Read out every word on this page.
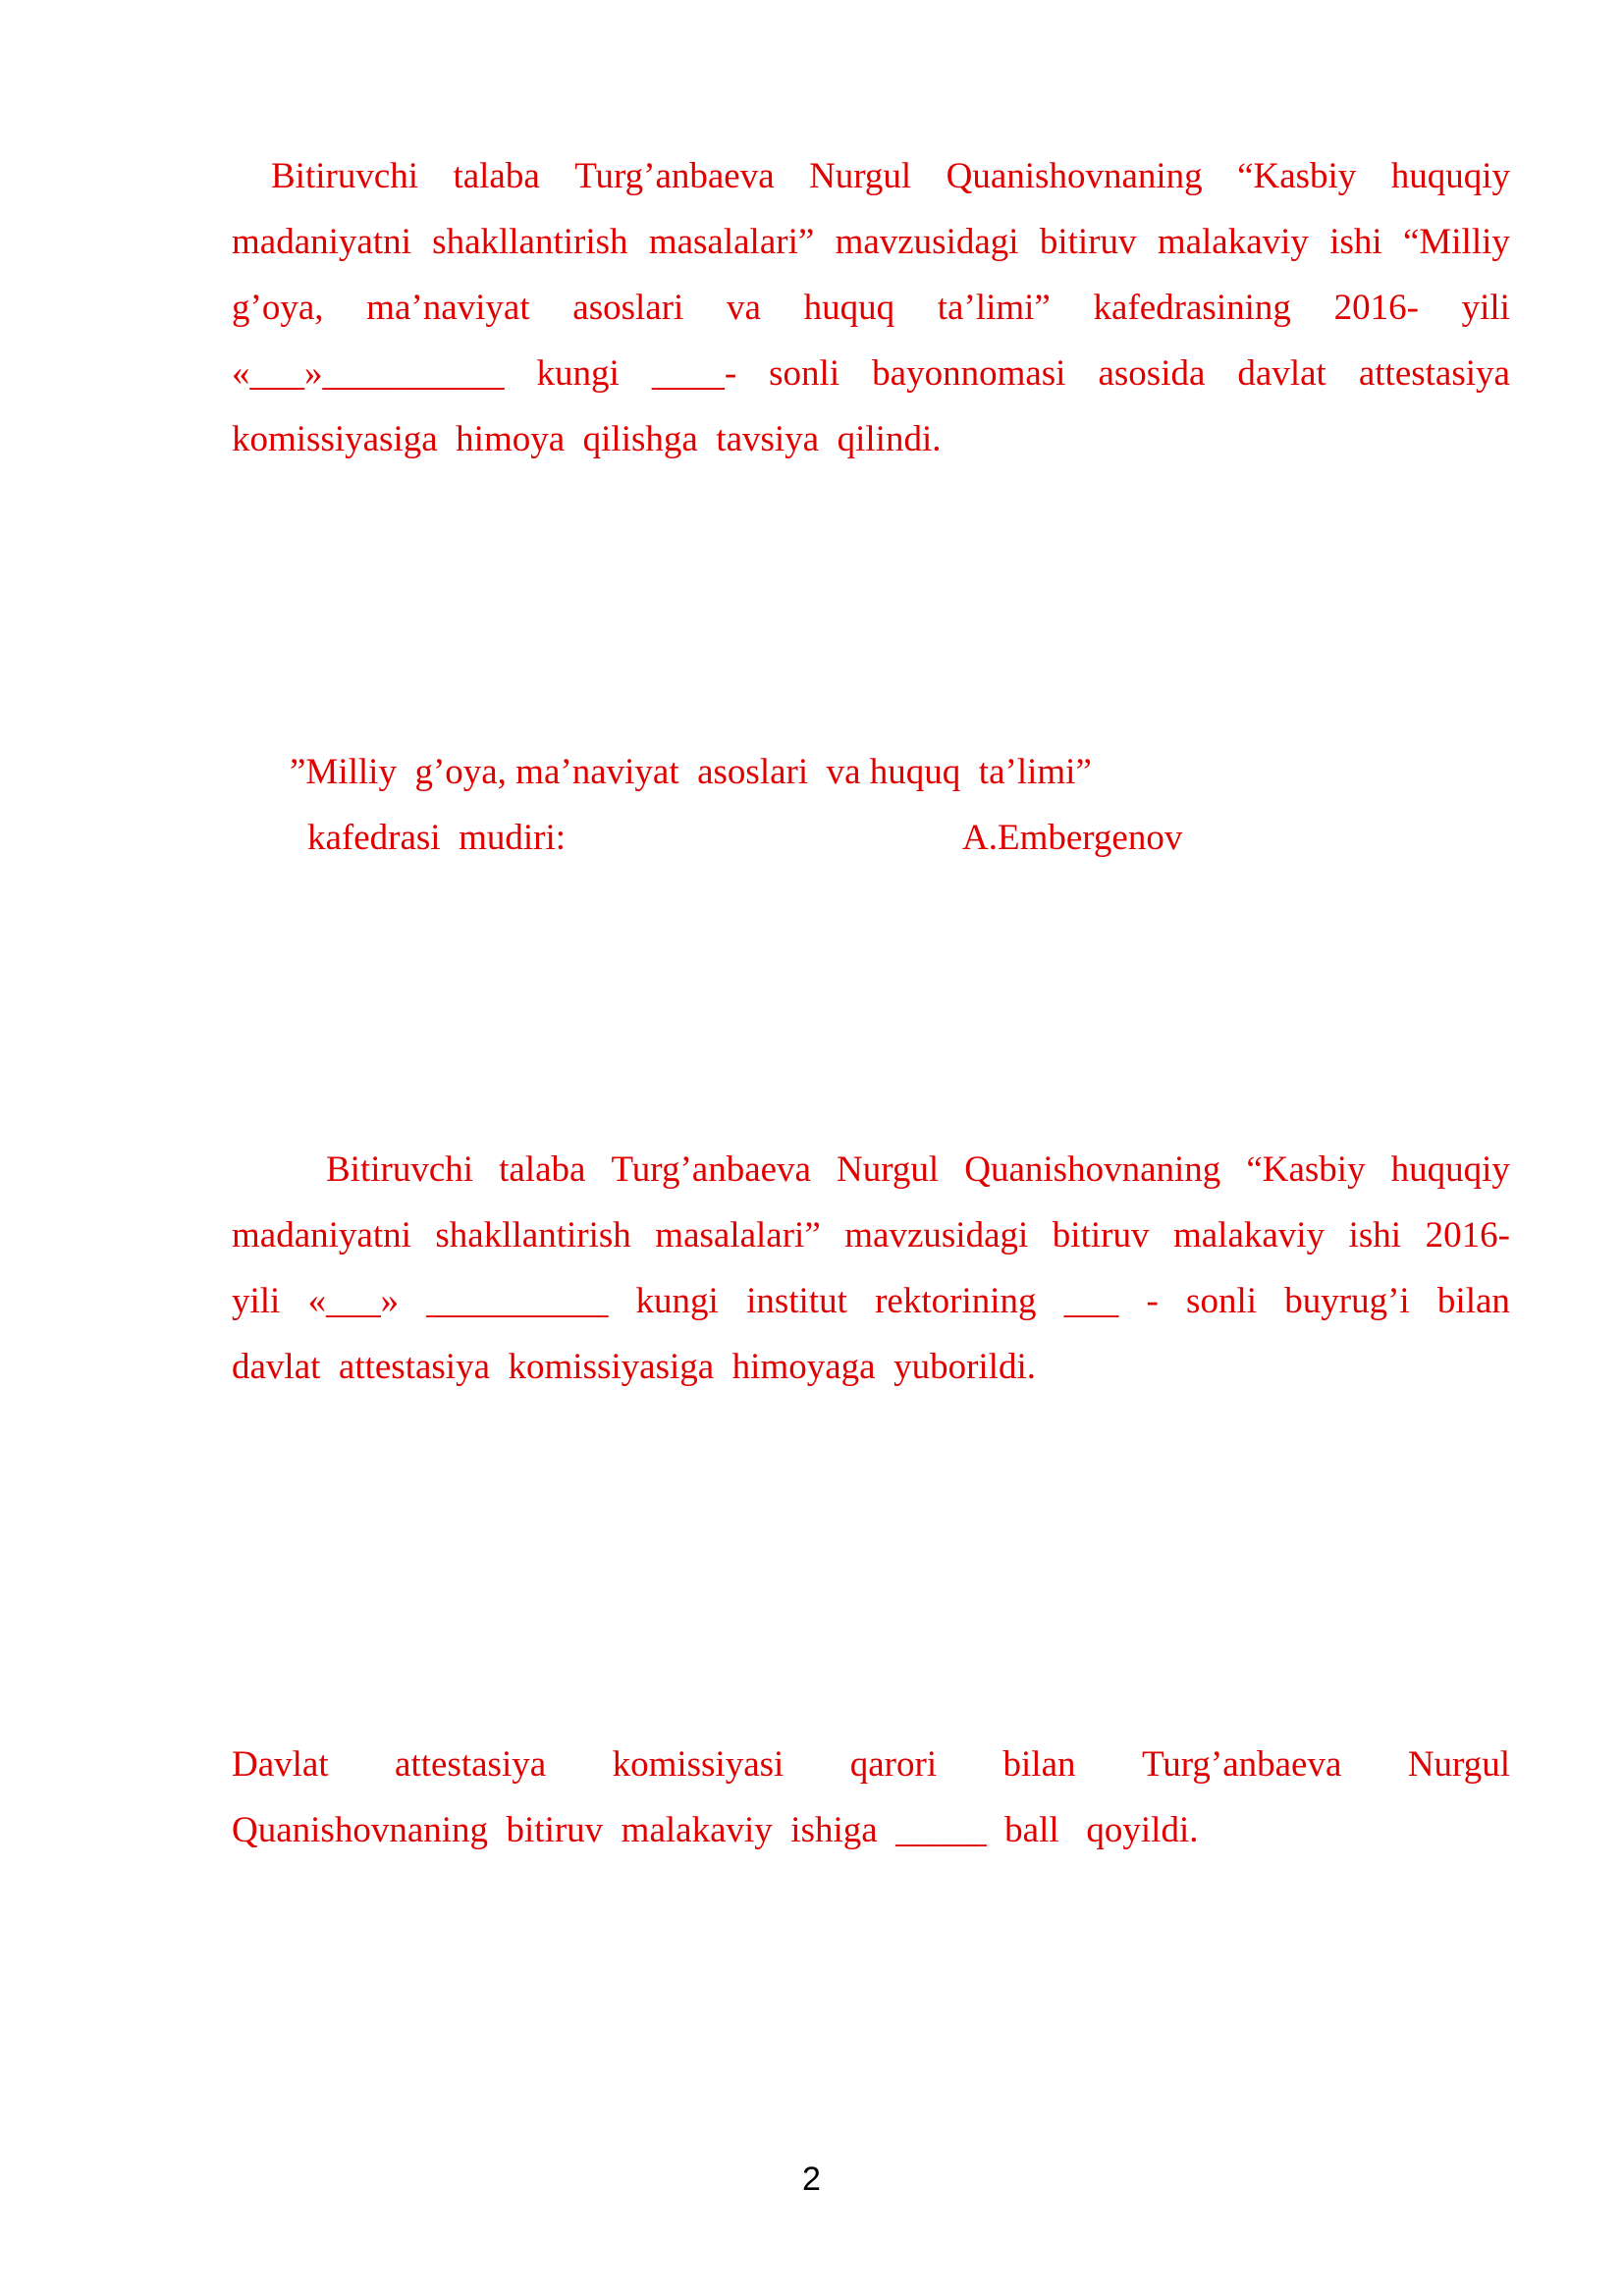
Bitiruvchi talaba Turg’anbaeva Nurgul Quanishovnaning “Kasbiy huquqiy
madaniyatni shakllantirish masalalari” mavzusidagi bitiruv malakaviy ishi “Milliy
g’oya, ma’naviyat asoslari va huquq ta’limi” kafedrasining 2016- yili
«___»__________ kungi ____- sonli bayonnomasi asosida davlat attestasiya
komissiyasiga  himoya  qilishga  tavsiya  qilindi.
”Milliy  g’oya, ma’naviyat  asoslari  va huquq  ta’limi”
kafedrasi  mudiri:	A.Embergenov
Bitiruvchi talaba Turg’anbaeva Nurgul Quanishovnaning “Kasbiy huquqiy
madaniyatni shakllantirish masalalari” mavzusidagi bitiruv malakaviy ishi 2016-
yili «___» __________ kungi institut rektorining ___ - sonli buyrug’i bilan
davlat  attestasiya  komissiyasiga  himoyaga  yuborildi.
Davlat attestasiya komissiyasi qarori bilan Turg’anbaeva Nurgul
Quanishovnaning  bitiruv  malakaviy  ishiga  _____  ball   qoyildi.
2
